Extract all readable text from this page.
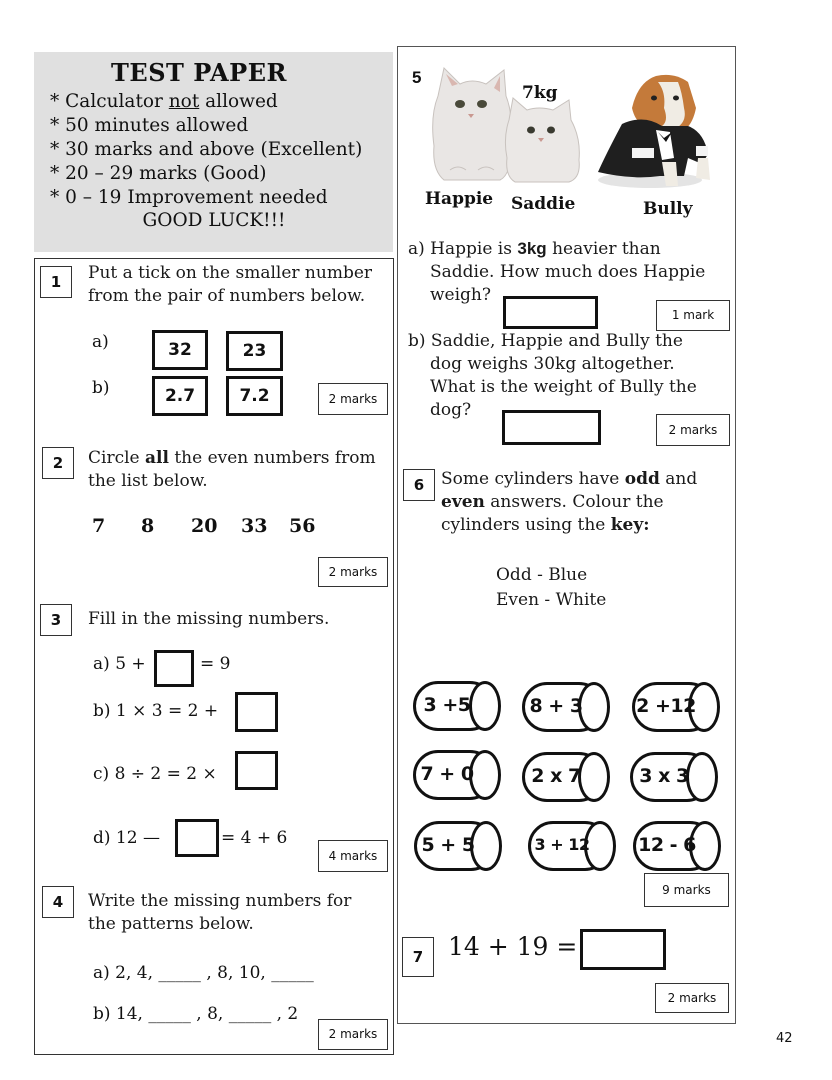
TEST PAPER
* Calculator not allowed
* 50 minutes allowed
* 30 marks and above (Excellent)
* 20 – 29 marks (Good)
* 0 – 19 Improvement needed
GOOD LUCK!!!
1	Put a tick on the smaller number
from the pair of numbers below.
a)	32	23
b)	2.7	7.2	2 marks
2	Circle all the even numbers from
the list below.
7 8 20 33 56
2 marks
3	Fill in the missing numbers.
a) 5 +	= 9
b) 1 × 3 = 2 +
c) 8 ÷ 2 = 2 ×
d) 12 —	= 4 + 6
4 marks
4	Write the missing numbers for
the patterns below.
a) 2, 4, _____ , 8, 10, _____
b) 14, _____ , 8, _____ , 2
2 marks
5
7kg
Happie Saddie	Bully
a) Happie is 3kg heavier than
Saddie. How much does Happie
weigh?
1 mark
b) Saddie, Happie and Bully the
dog weighs 30kg altogether.
What is the weight of Bully the
dog?
2 marks
6 Some cylinders have odd and
even answers. Colour the
cylinders using the key:
Odd - Blue
Even - White
3 +5	8 + 3	2 +12
7 + 0	2 x 7	3 x 3
5 + 5	3 + 12	12 - 6
9 marks
7 14 + 19 =
2 marks
42
